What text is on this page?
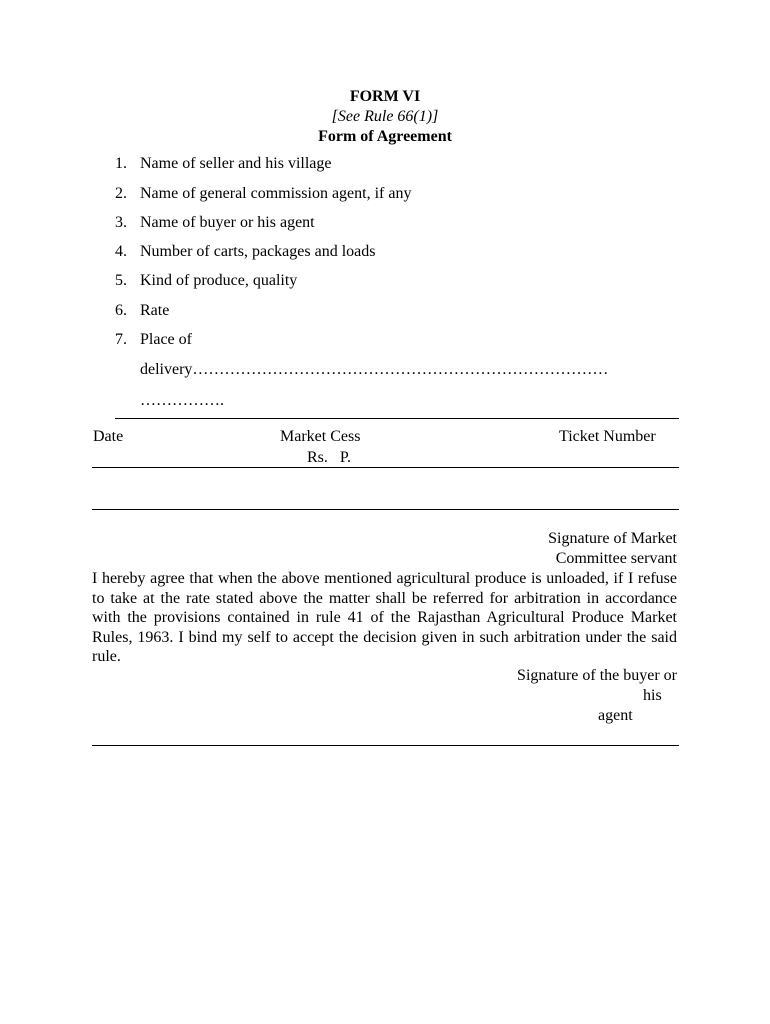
FORM VI
[See Rule 66(1)]
Form of Agreement
1. Name of seller and his village
2. Name of general commission agent, if any
3. Name of buyer or his agent
4. Number of carts, packages and loads
5. Kind of produce, quality
6. Rate
7. Place of
delivery……………………………………………………………………
…………….
Date	Market Cess
Rs.   P.
Ticket Number
Signature of Market
Committee servant
I hereby agree that when the above mentioned agricultural produce is unloaded, if I refuse to take at the rate stated above the matter shall be referred for arbitration in accordance with the provisions contained in rule 41 of the Rajasthan Agricultural Produce Market Rules, 1963. I bind my self to accept the decision given in such arbitration under the said rule.
Signature of the buyer or
his
agent
